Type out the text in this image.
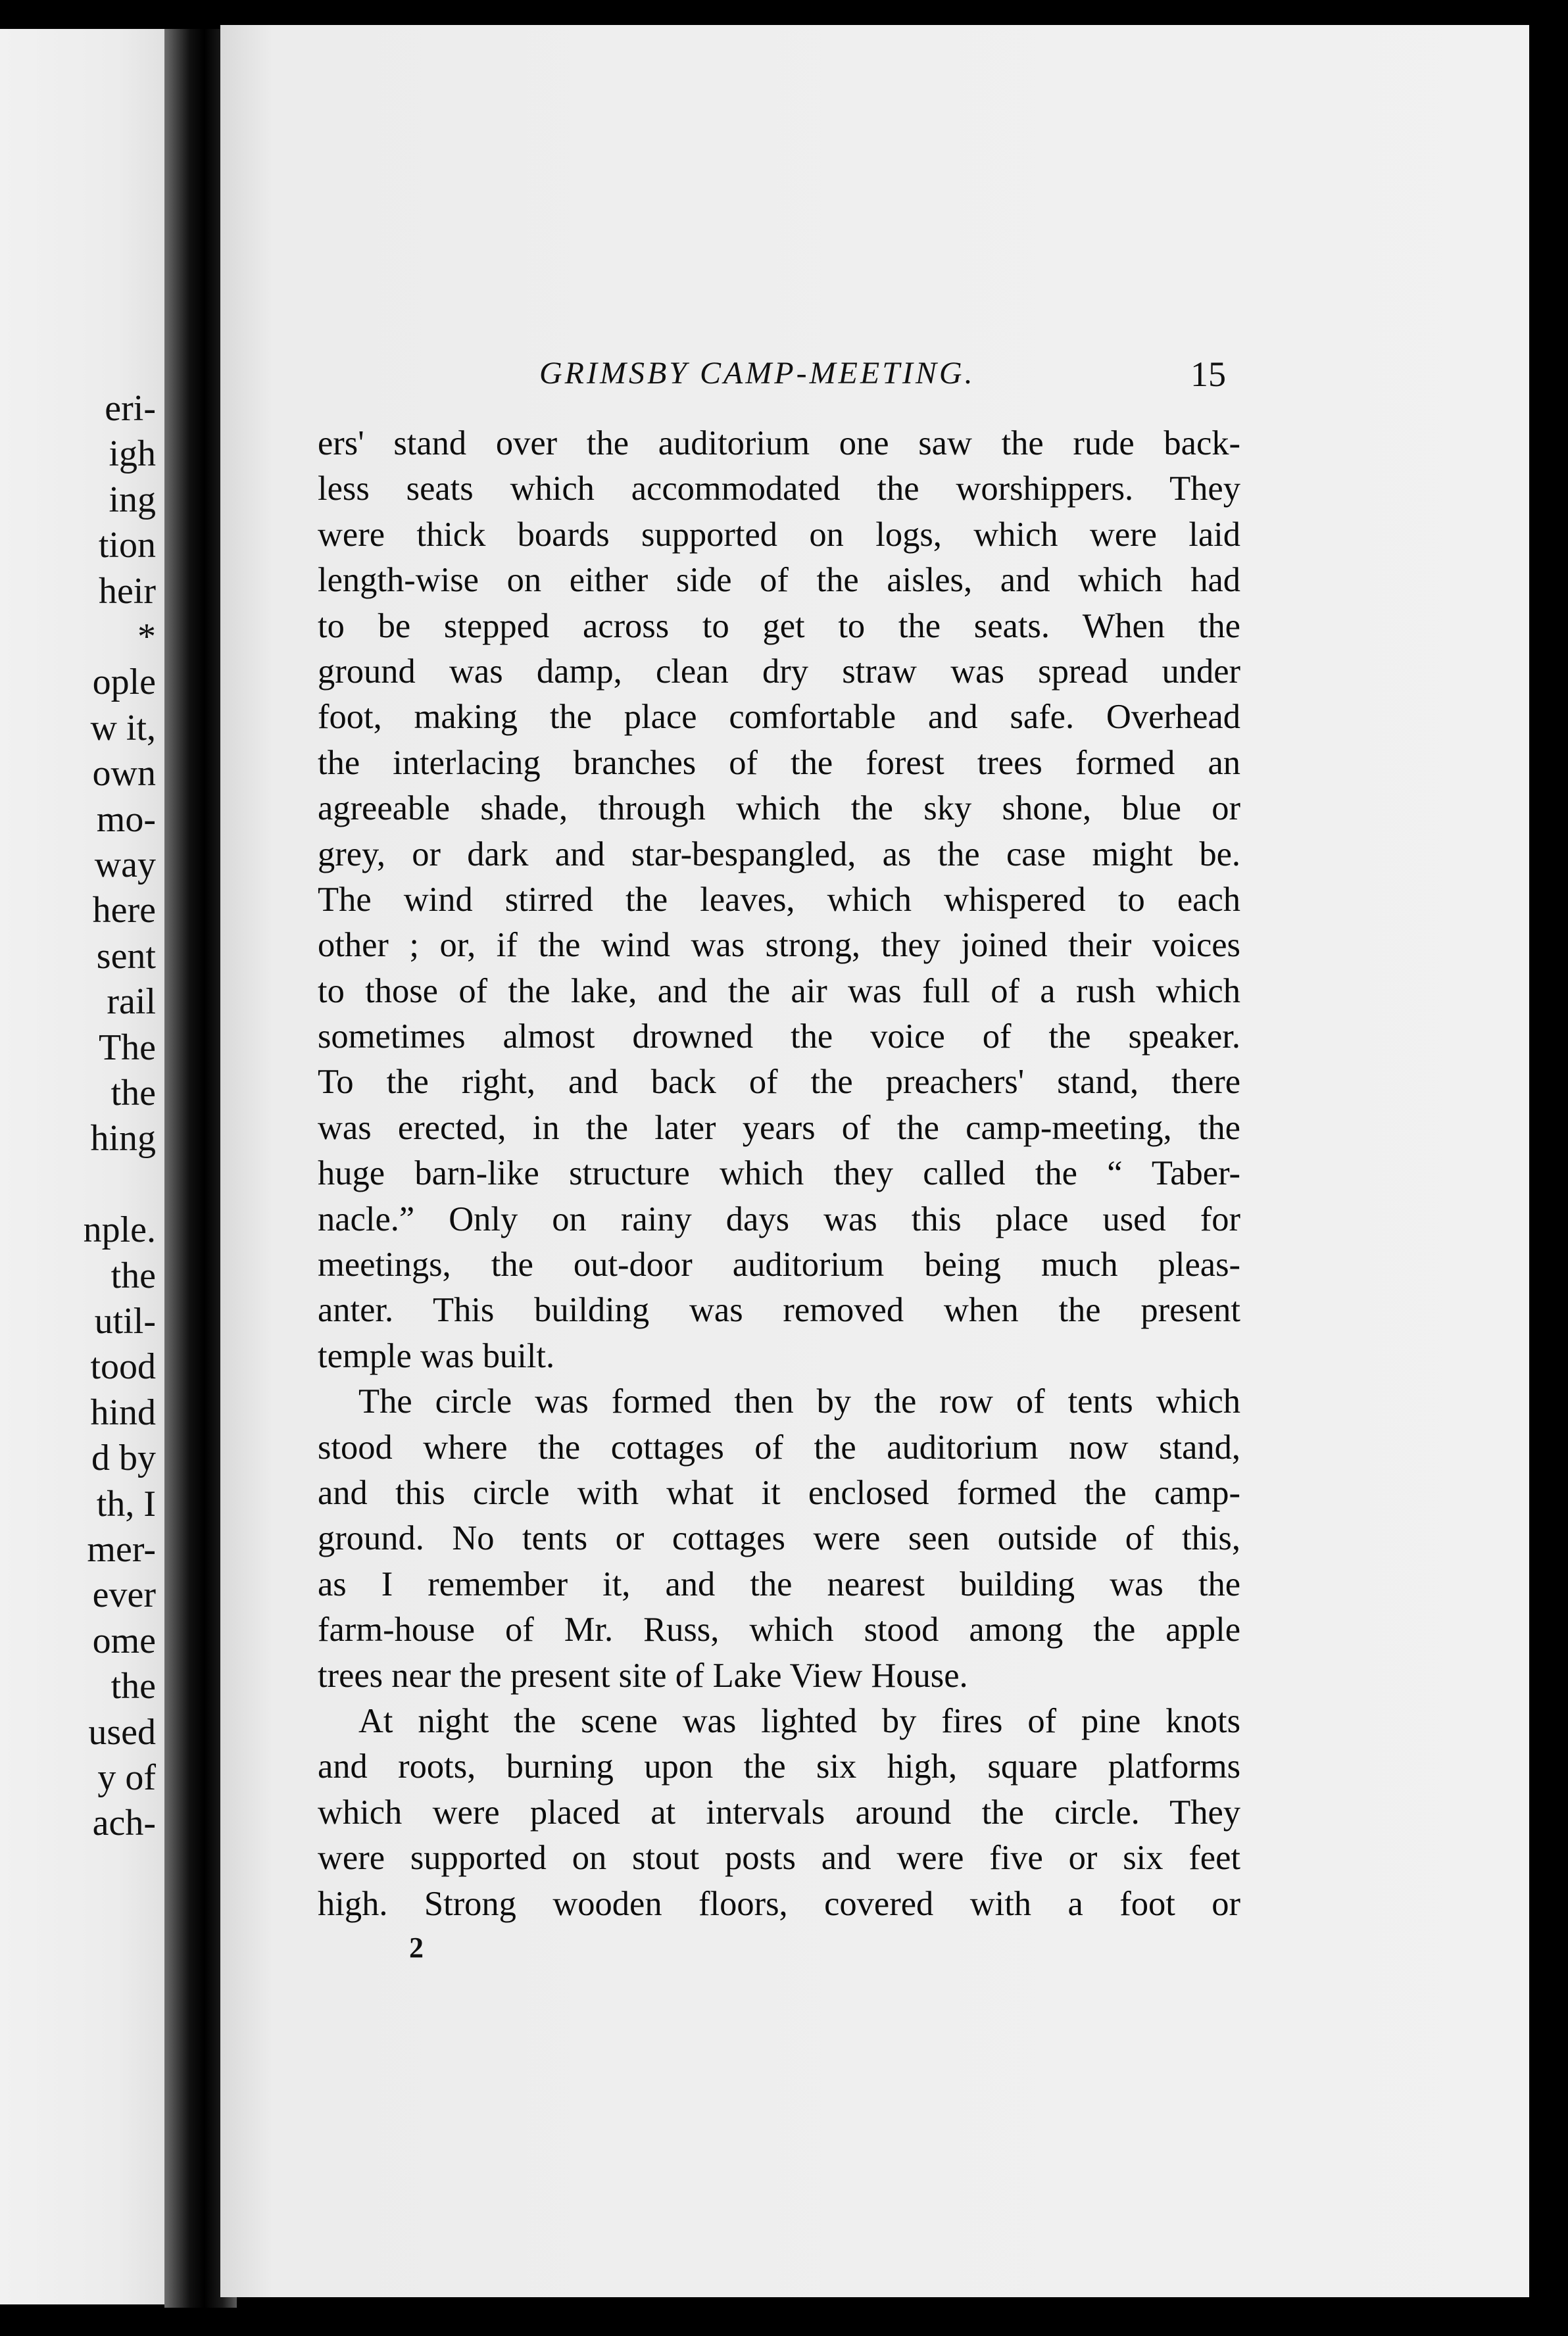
eri-
igh
ing
tion
heir
*
ople
w it,
own
mo-
way
here
sent
rail
The
the
hing
nple.
the
util-
tood
hind
d by
th, I
mer-
ever
ome
the
used
y of
ach-
GRIMSBY CAMP-MEETING.	15
ers' stand over the auditorium one saw the rude back-
less seats which accommodated the worshippers. They
were thick boards supported on logs, which were laid
length-wise on either side of the aisles, and which had
to be stepped across to get to the seats. When the
ground was damp, clean dry straw was spread under
foot, making the place comfortable and safe. Overhead
the interlacing branches of the forest trees formed an
agreeable shade, through which the sky shone, blue or
grey, or dark and star-bespangled, as the case might be.
The wind stirred the leaves, which whispered to each
other ; or, if the wind was strong, they joined their voices
to those of the lake, and the air was full of a rush which
sometimes almost drowned the voice of the speaker.
To the right, and back of the preachers' stand, there
was erected, in the later years of the camp-meeting, the
huge barn-like structure which they called the “ Taber-
nacle.” Only on rainy days was this place used for
meetings, the out-door auditorium being much pleas-
anter. This building was removed when the present
temple was built.
The circle was formed then by the row of tents which
stood where the cottages of the auditorium now stand,
and this circle with what it enclosed formed the camp-
ground. No tents or cottages were seen outside of this,
as I remember it, and the nearest building was the
farm-house of Mr. Russ, which stood among the apple
trees near the present site of Lake View House.
At night the scene was lighted by fires of pine knots
and roots, burning upon the six high, square platforms
which were placed at intervals around the circle. They
were supported on stout posts and were five or six feet
high. Strong wooden floors, covered with a foot or
2
